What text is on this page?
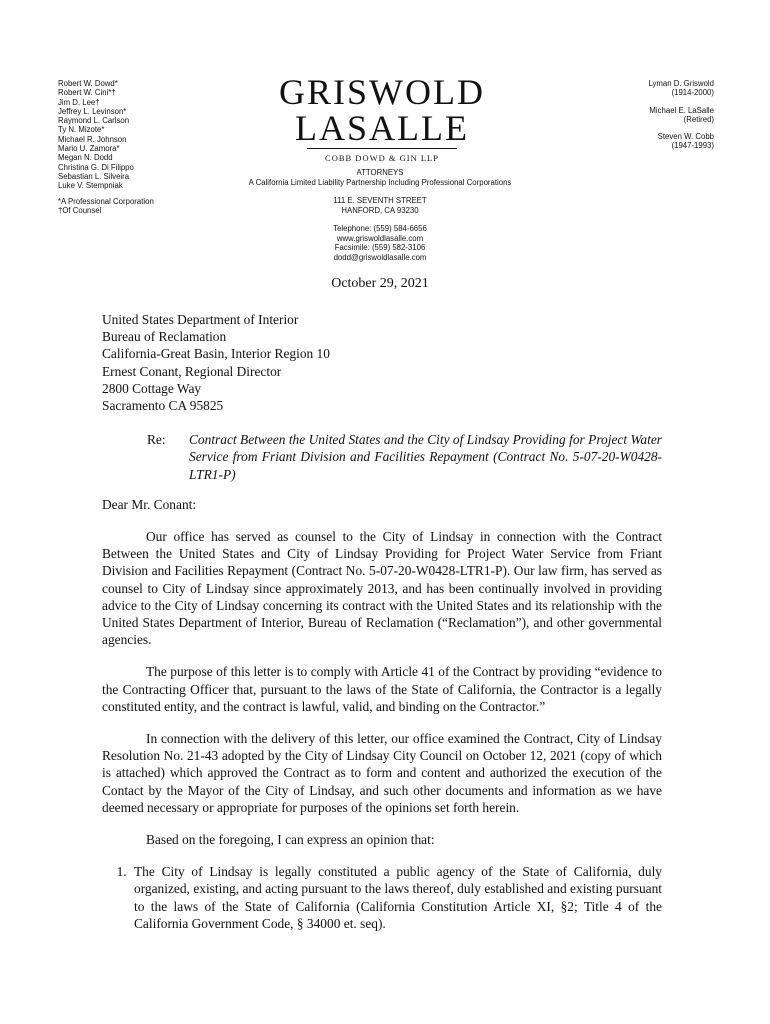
Robert W. Dowd*
Robert W. Cini*†
Jim D. Lee†
Jeffrey L. Levinson*
Raymond L. Carlson
Ty N. Mizote*
Michael R. Johnson
Mario U. Zamora*
Megan N. Dodd
Christina G. Di Filippo
Sebastian L. Silveira
Luke V. Stempniak
*A Professional Corporation
†Of Counsel
GRISWOLD
LASALLE
COBB DOWD & GIN LLP
Lyman D. Griswold
(1914-2000)
Michael E. LaSalle
(Retired)
Steven W. Cobb
(1947-1993)
ATTORNEYS
A California Limited Liability Partnership Including Professional Corporations
111 E. SEVENTH STREET
HANFORD, CA 93230
Telephone: (559) 584-6656
www.griswoldlasalle.com
Facsimile: (559) 582-3106
dodd@griswoldlasalle.com
October 29, 2021
United States Department of Interior
Bureau of Reclamation
California-Great Basin, Interior Region 10
Ernest Conant, Regional Director
2800 Cottage Way
Sacramento CA 95825
Re:	Contract Between the United States and the City of Lindsay Providing for Project Water Service from Friant Division and Facilities Repayment (Contract No. 5-07-20-W0428-LTR1-P)
Dear Mr. Conant:

Our office has served as counsel to the City of Lindsay in connection with the Contract Between the United States and City of Lindsay Providing for Project Water Service from Friant Division and Facilities Repayment (Contract No. 5-07-20-W0428-LTR1-P). Our law firm, has served as counsel to City of Lindsay since approximately 2013, and has been continually involved in providing advice to the City of Lindsay concerning its contract with the United States and its relationship with the United States Department of Interior, Bureau of Reclamation (“Reclamation”), and other governmental agencies.

The purpose of this letter is to comply with Article 41 of the Contract by providing “evidence to the Contracting Officer that, pursuant to the laws of the State of California, the Contractor is a legally constituted entity, and the contract is lawful, valid, and binding on the Contractor.”

In connection with the delivery of this letter, our office examined the Contract, City of Lindsay Resolution No. 21-43 adopted by the City of Lindsay City Council on October 12, 2021 (copy of which is attached) which approved the Contract as to form and content and authorized the execution of the Contact by the Mayor of the City of Lindsay, and such other documents and information as we have deemed necessary or appropriate for purposes of the opinions set forth herein.

Based on the foregoing, I can express an opinion that:

1. The City of Lindsay is legally constituted a public agency of the State of California, duly organized, existing, and acting pursuant to the laws thereof, duly established and existing pursuant to the laws of the State of California (California Constitution Article XI, §2; Title 4 of the California Government Code, § 34000 et. seq).
